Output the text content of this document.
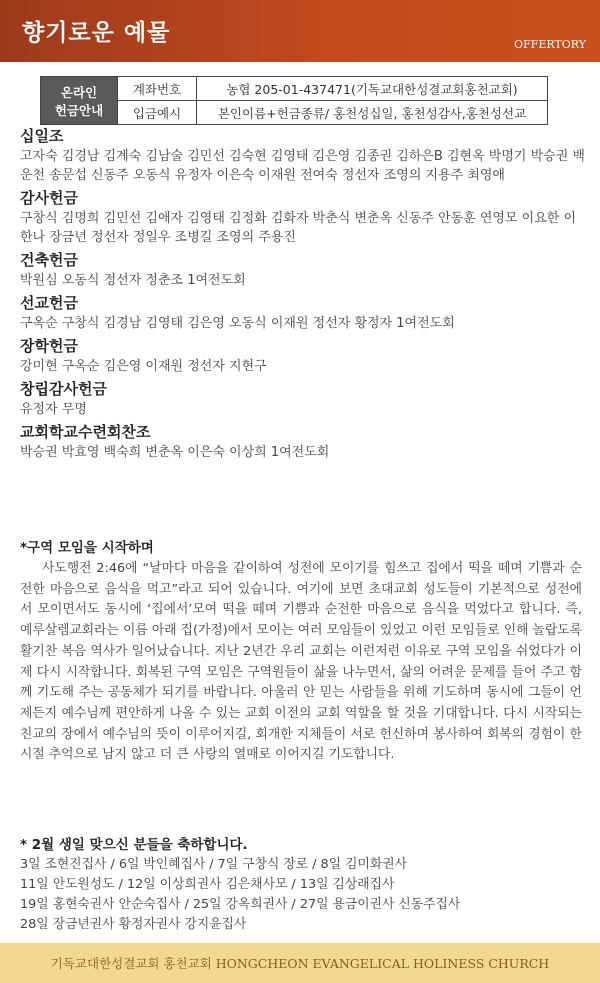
향기로운 예물	OFFERTORY
온라인
헌금안내	계좌번호	농협 205-01-437471(기독교대한성결교회홍천교회)
	입금예시	본인이름+헌금종류/ 홍천성십일, 홍천성감사,홍천성선교
십일조

고자숙 김경남 김계숙 김남술 김민선 김숙현 김영태 김은영 김종권 김하은B 김현옥 박명기 박승권 백운천 송문섭 신동주 오동식 유정자 이은숙 이재원 전여숙 정선자 조영의 지용주 최영애

감사헌금

구창식 김명희 김민선 김애자 김영태 김정화 김화자 박춘식 변춘옥 신동주 안동훈 연영모 이요한 이한나 장금년 정선자 정일우 조병길 조영의 주용진

건축헌금

박원심 오동식 정선자 정춘조 1여전도회

선교헌금

구옥순 구창식 김경남 김영태 김은영 오동식 이재원 정선자 황정자 1여전도회

장학헌금

강미현 구옥순 김은영 이재원 정선자 지현구

창립감사헌금

유정자 무명

교회학교수련회찬조

박승권 박효영 백숙희 변춘옥 이은숙 이상희 1여전도회

*구역 모임을 시작하며

사도행전 2:46에 “날마다 마음을 같이하여 성전에 모이기를 힘쓰고 집에서 떡을 떼며 기쁨과 순전한 마음으로 음식을 먹고”라고 되어 있습니다. 여기에 보면 초대교회 성도들이 기본적으로 성전에서 모이면서도 동시에 ‘집에서’모여 떡을 떼며 기쁨과 순전한 마음으로 음식을 먹었다고 합니다. 즉, 예루살렘교회라는 이름 아래 집(가정)에서 모이는 여러 모임들이 있었고 이런 모임들로 인해 놀랍도록 활기찬 복음 역사가 일어났습니다. 지난 2년간 우리 교회는 이런저런 이유로 구역 모임을 쉬었다가 이제 다시 시작합니다. 회복된 구역 모임은 구역원들이 삶을 나누면서, 삶의 어려운 문제를 들어 주고 함께 기도해 주는 공동체가 되기를 바랍니다. 아울러 안 믿는 사람들을 위해 기도하며 동시에 그들이 언제든지 예수님께 편안하게 나올 수 있는 교회 이전의 교회 역할을 할 것을 기대합니다. 다시 시작되는 친교의 장에서 예수님의 뜻이 이루어지길, 회개한 지체들이 서로 헌신하며 봉사하여 회복의 경험이 한 시절 추억으로 남지 않고 더 큰 사랑의 열매로 이어지길 기도합니다.

* 2월 생일 맞으신 분들을 축하합니다.

3일 조현진집사 / 6일 박인혜집사 / 7일 구창식 장로 / 8일 김미화권사

11일 안도원성도 / 12일 이상희권사 김은채사모 / 13일 김상래집사

19일 홍현숙권사 안순숙집사 / 25일 강옥희권사 / 27일 용금이권사 신동주집사

28일 장금년권사 황정자권사 강지윤집사

기독교대한성결교회 홍천교회 HONGCHEON EVANGELICAL HOLINESS CHURCH
